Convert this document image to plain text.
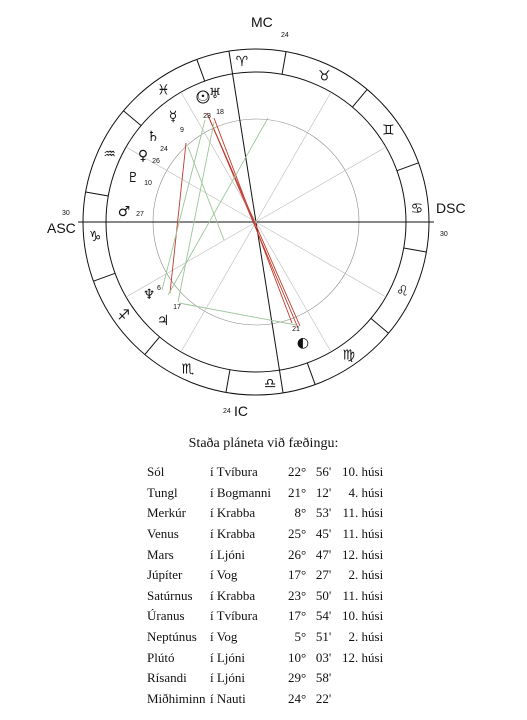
♉
♈
♓
♒
♑
♐
♏
♎
♍
♌
♋
♊
☉ ♅
18
☿	23
♄	9
♀ 24
26
♇ 10
♂ 27
♆ 6
♃
17
◐
21
MC
24
IC
24
ASC
30	DSC
30
Staða pláneta við fæðingu:
Sól	í Tvíbura	22°	56'	10. húsi
Tungl	í Bogmanni	21°	12'	4. húsi
Merkúr	í Krabba	8°	53'	11. húsi
Venus	í Krabba	25°	45'	11. húsi
Mars	í Ljóni	26°	47'	12. húsi
Júpíter	í Vog	17°	27'	2. húsi
Satúrnus	í Krabba	23°	50'	11. húsi
Úranus	í Tvíbura	17°	54'	10. húsi
Neptúnus	í Vog	5°	51'	2. húsi
Plútó	í Ljóni	10°	03'	12. húsi
Rísandi	í Ljóni	29°	58'	
Miðhiminn	í Nauti	24°	22'	
